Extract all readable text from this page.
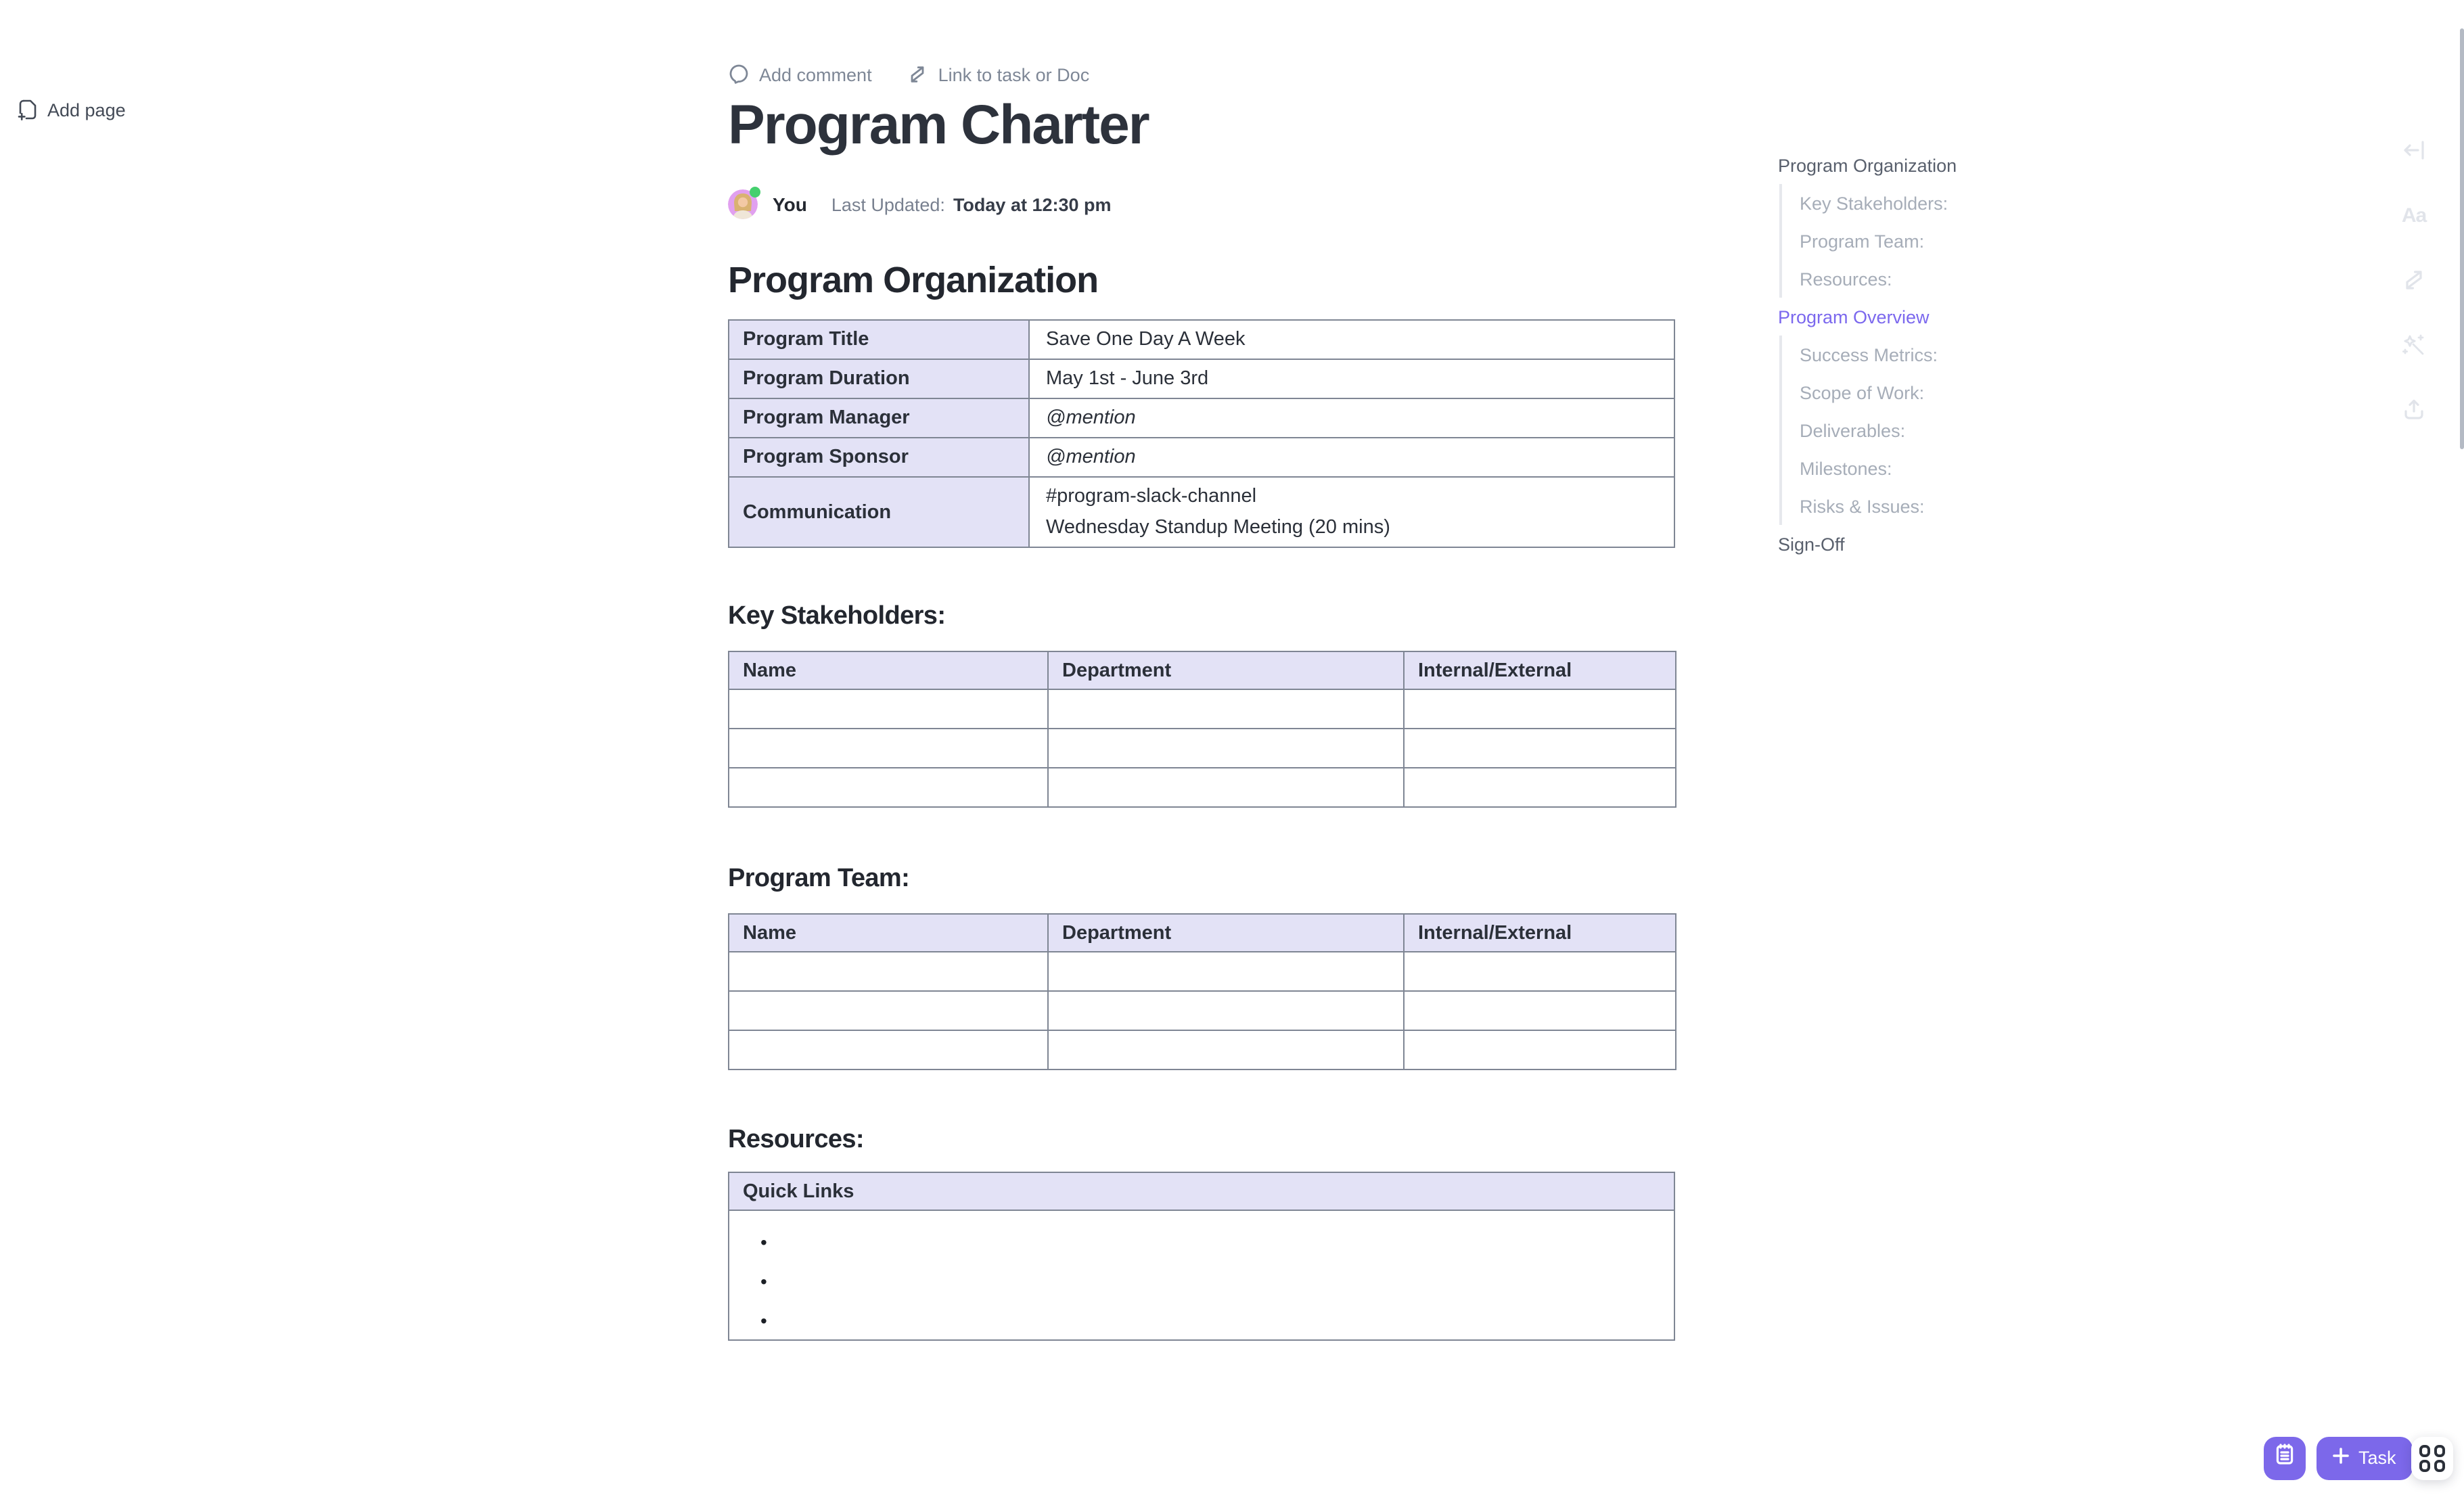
Add page
Add comment	Link to task or Doc
Program Charter
You	Last Updated: Today at 12:30 pm
Program Organization
Program Title	Save One Day A Week
Program Duration	May 1st - June 3rd
Program Manager	@mention
Program Sponsor	@mention
Communication	#program-slack-channel
Wednesday Standup Meeting (20 mins)
Key Stakeholders:
Name	Department	Internal/External

Program Team:
Name	Department	Internal/External

Resources:
Quick Links

•
•
•
Program Organization
Key Stakeholders:
Program Team:
Resources:
Program Overview
Success Metrics:
Scope of Work:
Deliverables:
Milestones:
Risks & Issues:
Sign-Off
Aa
Task
